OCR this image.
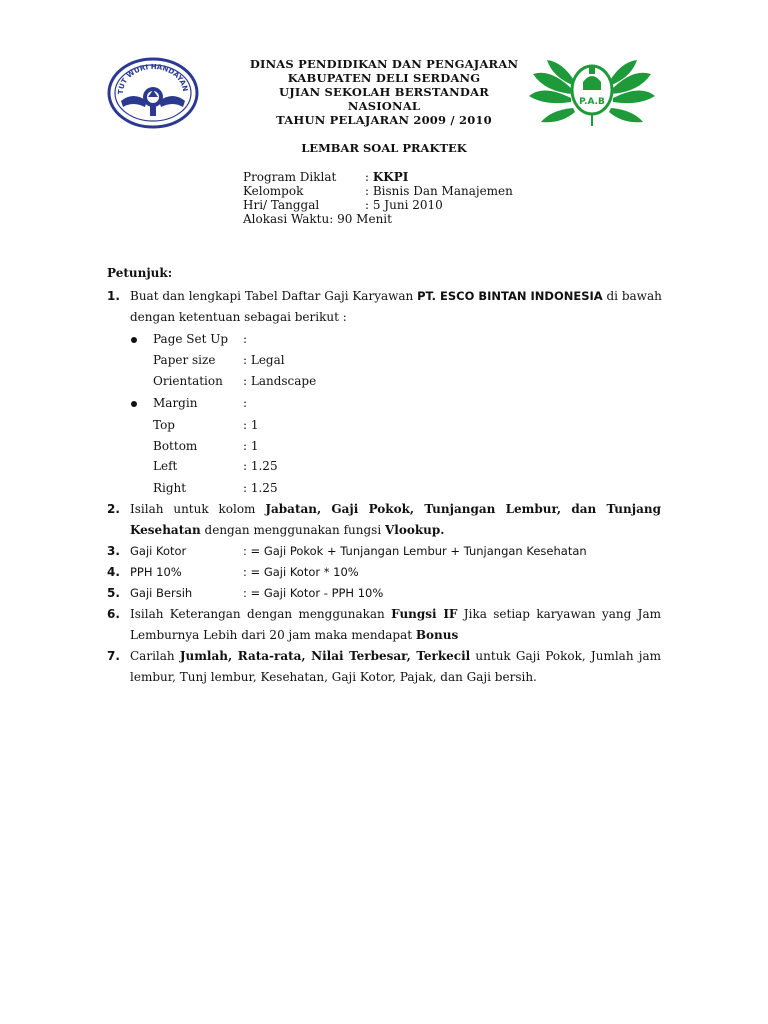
TUT WURI HANDAYAN
DINAS PENDIDIKAN DAN PENGAJARAN
KABUPATEN DELI SERDANG
UJIAN SEKOLAH BERSTANDAR
NASIONAL
TAHUN PELAJARAN 2009 / 2010
P.A.B
LEMBAR SOAL PRAKTEK
Program Diklat : KKPI
Kelompok	: Bisnis Dan Manajemen
Hri/ Tanggal	: 5 Juni 2010
Alokasi Waktu: 90 Menit
Petunjuk:
1. Buat dan lengkapi Tabel Daftar Gaji Karyawan PT. ESCO BINTAN INDONESIA di bawah
dengan ketentuan sebagai berikut :
Page Set Up :
Paper size : Legal
Orientation : Landscape
Margin	:
Top	: 1
Bottom	: 1
Left	: 1.25
Right	: 1.25
2. Isilah untuk kolom Jabatan, Gaji Pokok, Tunjangan Lembur, dan Tunjang
Kesehatan dengan menggunakan fungsi Vlookup.
3. Gaji Kotor	: = Gaji Pokok + Tunjangan Lembur + Tunjangan Kesehatan
4. PPH 10%	: = Gaji Kotor * 10%
5. Gaji Bersih	: = Gaji Kotor - PPH 10%
6. Isilah Keterangan dengan menggunakan Fungsi IF Jika setiap karyawan yang Jam
Lemburnya Lebih dari 20 jam maka mendapat Bonus
7. Carilah Jumlah, Rata-rata, Nilai Terbesar, Terkecil untuk Gaji Pokok, Jumlah jam
lembur, Tunj lembur, Kesehatan, Gaji Kotor, Pajak, dan Gaji bersih.
